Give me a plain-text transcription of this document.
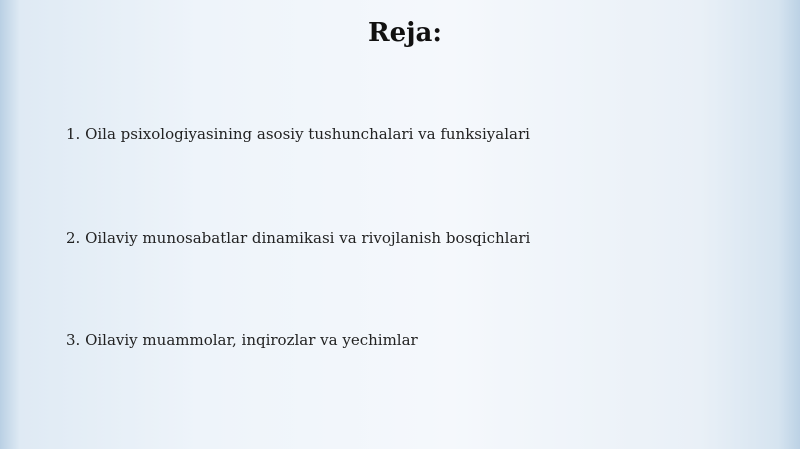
Reja:
1. Oila psixologiyasining asosiy tushunchalari va funksiyalari
2. Oilaviy munosabatlar dinamikasi va rivojlanish bosqichlari
3. Oilaviy muammolar, inqirozlar va yechimlar
